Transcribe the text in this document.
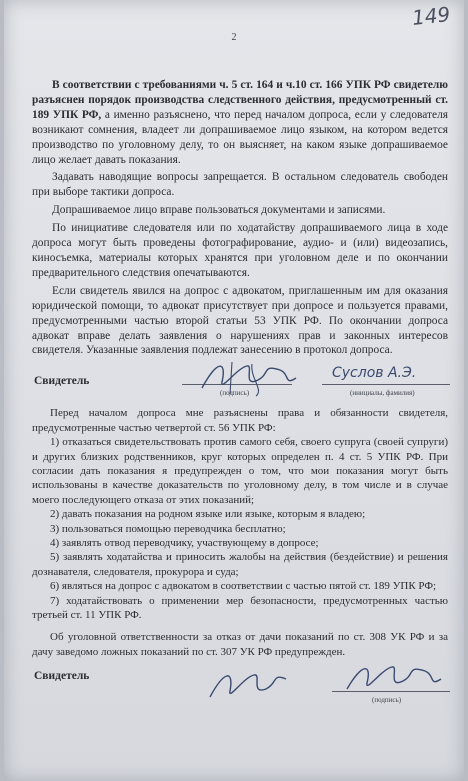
149
2

В соответствии с требованиями ч. 5 ст. 164 и ч.10 ст. 166 УПК РФ свидетелю разъяснен порядок производства следственного действия, предусмотренный ст. 189 УПК РФ, а именно разъяснено, что перед началом допроса, если у следователя возникают сомнения, владеет ли допрашиваемое лицо языком, на котором ведется производство по уголовному делу, то он выясняет, на каком языке допрашиваемое лицо желает давать показания.

Задавать наводящие вопросы запрещается. В остальном следователь свободен при выборе тактики допроса.

Допрашиваемое лицо вправе пользоваться документами и записями.

По инициативе следователя или по ходатайству допрашиваемого лица в ходе допроса могут быть проведены фотографирование, аудио- и (или) видеозапись, киносъемка, материалы которых хранятся при уголовном деле и по окончании предварительного следствия опечатываются.

Если свидетель явился на допрос с адвокатом, приглашенным им для оказания юридической помощи, то адвокат присутствует при допросе и пользуется правами, предусмотренными частью второй статьи 53 УПК РФ. По окончании допроса адвокат вправе делать заявления о нарушениях прав и законных интересов свидетеля. Указанные заявления подлежат занесению в протокол допроса.

Свидетель
(подпись)	(инициалы, фамилия)
Суслов А.Э.

Перед началом допроса мне разъяснены права и обязанности свидетеля, предусмотренные частью четвертой ст. 56 УПК РФ:

1) отказаться свидетельствовать против самого себя, своего супруга (своей супруги) и других близких родственников, круг которых определен п. 4 ст. 5 УПК РФ. При согласии дать показания я предупрежден о том, что мои показания могут быть использованы в качестве доказательств по уголовному делу, в том числе и в случае моего последующего отказа от этих показаний;

2) давать показания на родном языке или языке, которым я владею;

3) пользоваться помощью переводчика бесплатно;

4) заявлять отвод переводчику, участвующему в допросе;

5) заявлять ходатайства и приносить жалобы на действия (бездействие) и решения дознавателя, следователя, прокурора и суда;

6) являться на допрос с адвокатом в соответствии с частью пятой ст. 189 УПК РФ;

7) ходатайствовать о применении мер безопасности, предусмотренных частью третьей ст. 11 УПК РФ.

Об уголовной ответственности за отказ от дачи показаний по ст. 308 УК РФ и за дачу заведомо ложных показаний по ст. 307 УК РФ предупрежден.

Свидетель
(подпись)
